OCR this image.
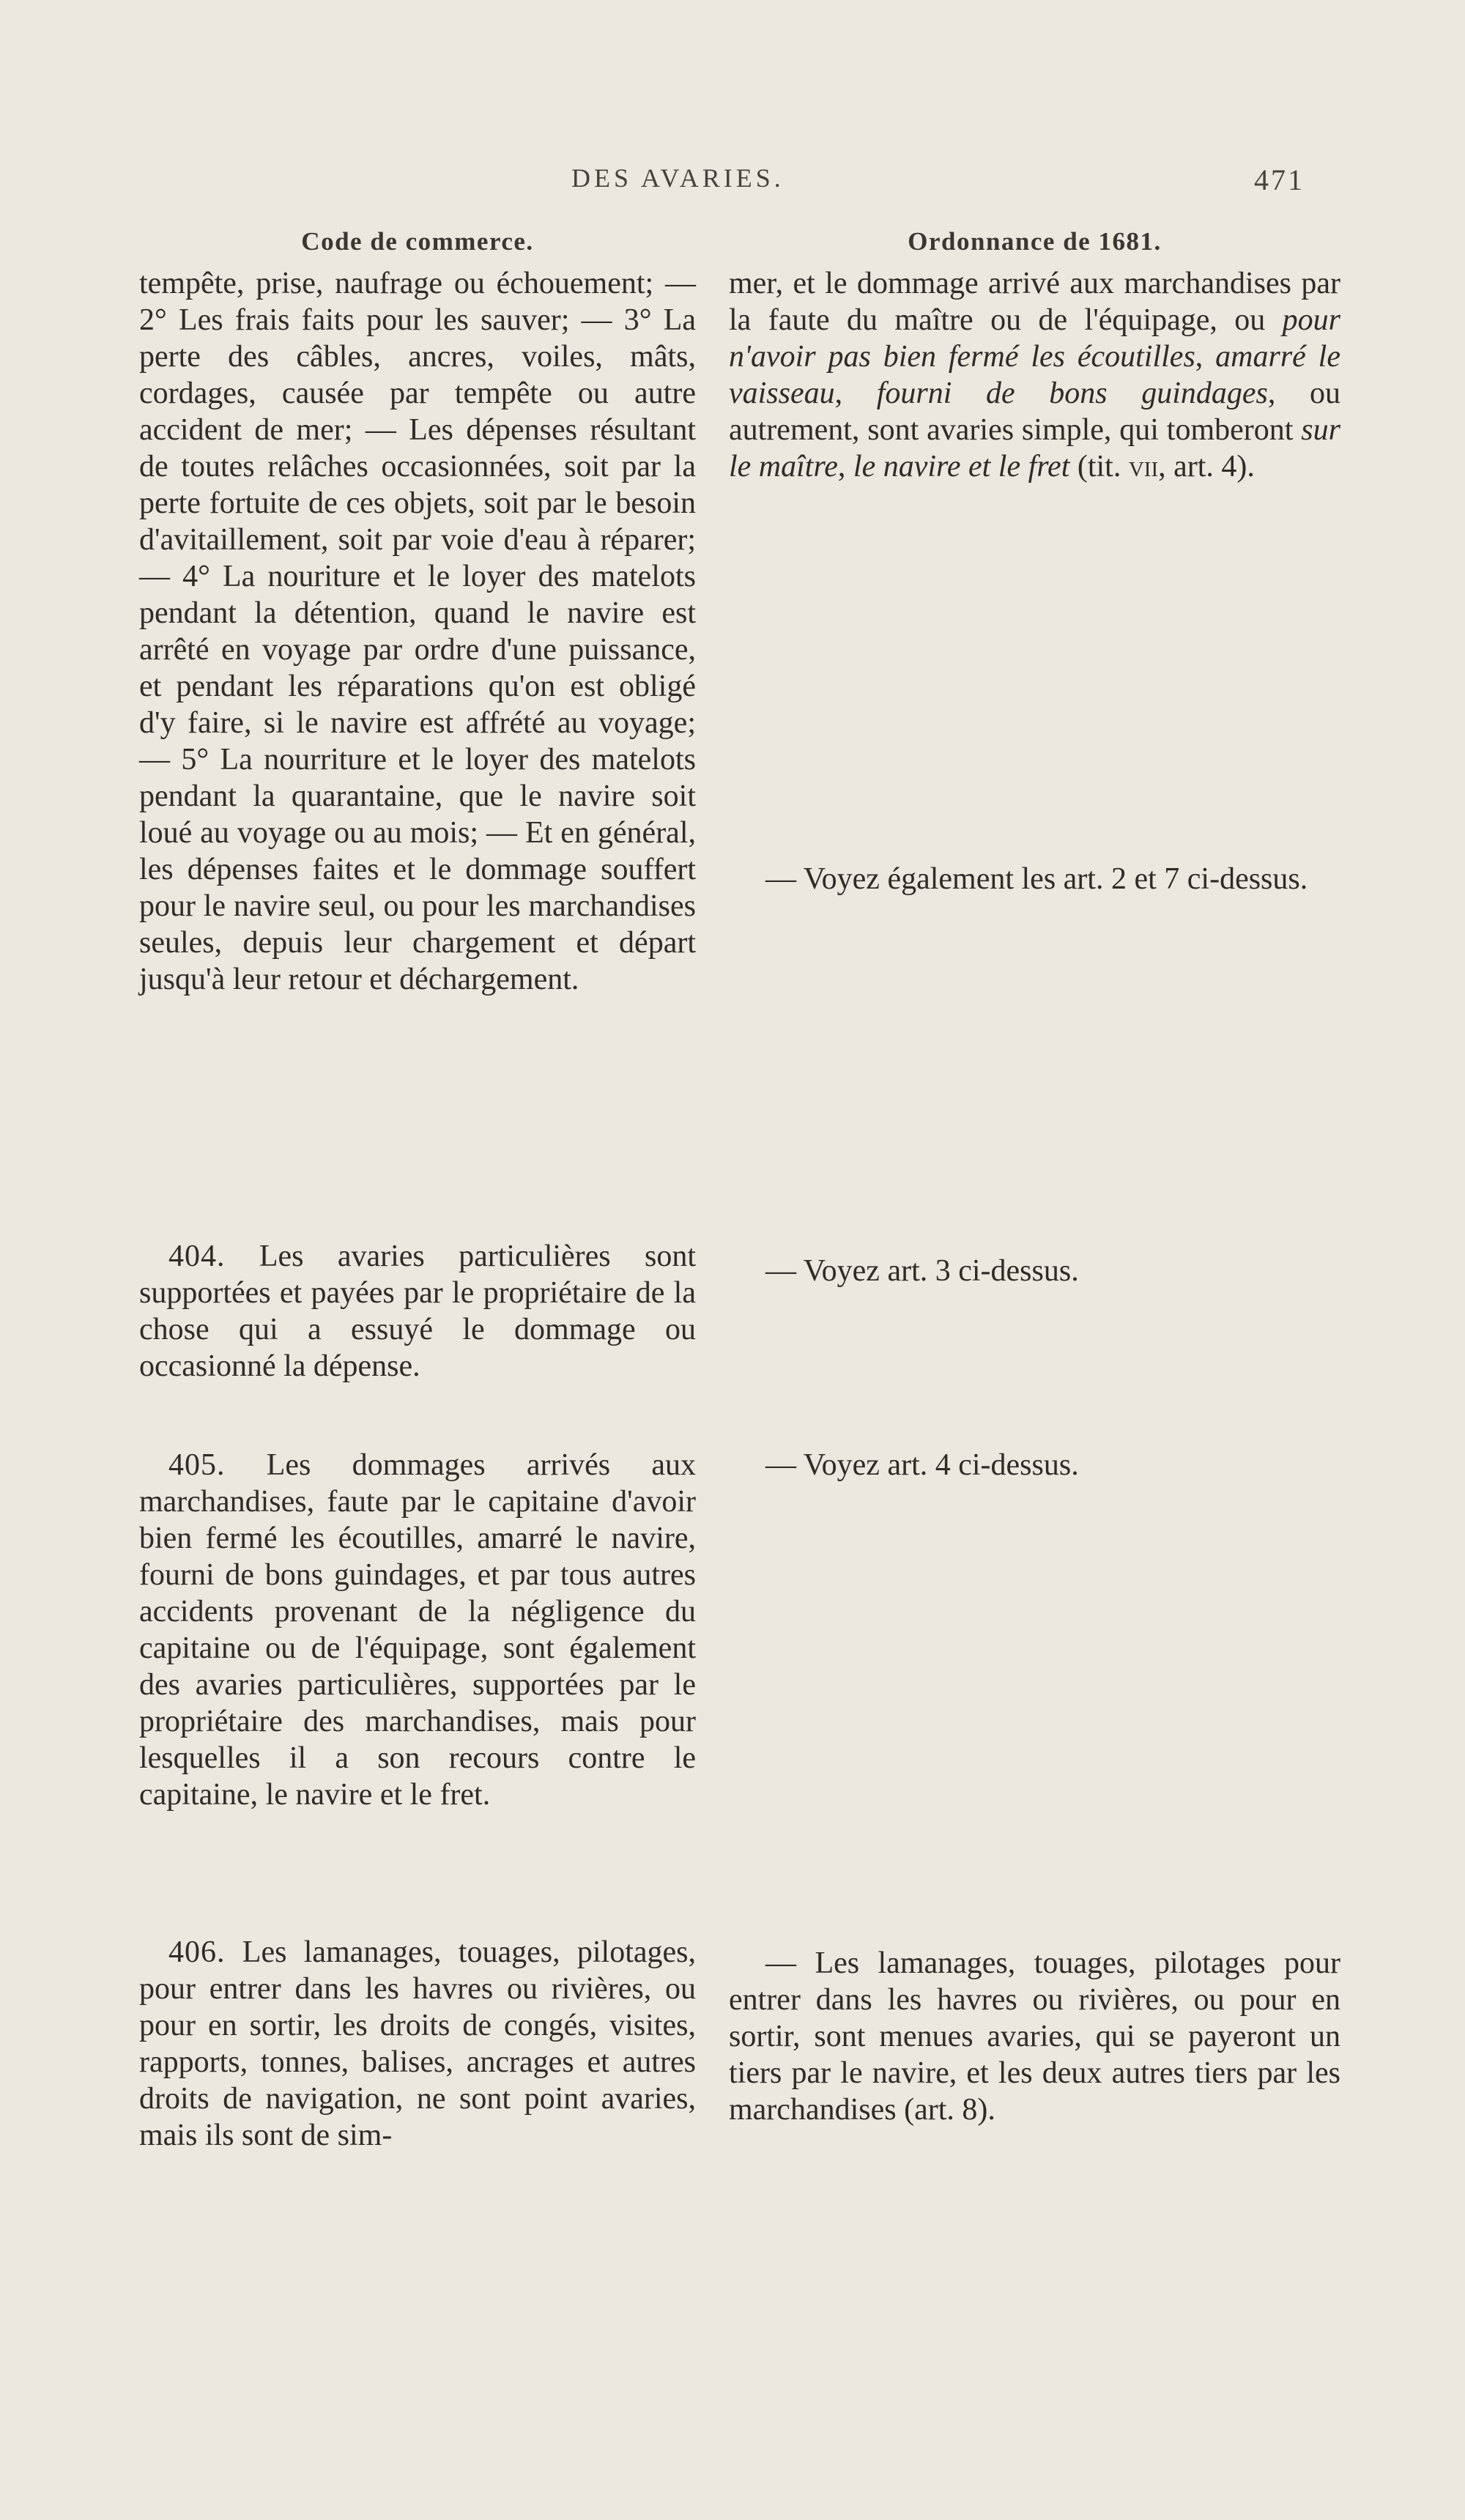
DES AVARIES.	471
Code de commerce.

tempête, prise, naufrage ou échouement; — 2° Les frais faits pour les sauver; — 3° La perte des câbles, ancres, voiles, mâts, cordages, causée par tempête ou autre accident de mer; — Les dépenses résultant de toutes relâches occasionnées, soit par la perte fortuite de ces objets, soit par le besoin d'avitaillement, soit par voie d'eau à réparer; — 4° La nouriture et le loyer des matelots pendant la détention, quand le navire est arrêté en voyage par ordre d'une puissance, et pendant les réparations qu'on est obligé d'y faire, si le navire est affrété au voyage; — 5° La nourriture et le loyer des matelots pendant la quarantaine, que le navire soit loué au voyage ou au mois; — Et en général, les dépenses faites et le dommage souffert pour le navire seul, ou pour les marchandises seules, depuis leur chargement et départ jusqu'à leur retour et déchargement.

404. Les avaries particulières sont supportées et payées par le propriétaire de la chose qui a essuyé le dommage ou occasionné la dépense.

405. Les dommages arrivés aux marchandises, faute par le capitaine d'avoir bien fermé les écoutilles, amarré le navire, fourni de bons guindages, et par tous autres accidents provenant de la négligence du capitaine ou de l'équipage, sont également des avaries particulières, supportées par le propriétaire des marchandises, mais pour lesquelles il a son recours contre le capitaine, le navire et le fret.

406. Les lamanages, touages, pilotages, pour entrer dans les havres ou rivières, ou pour en sortir, les droits de congés, visites, rapports, tonnes, balises, ancrages et autres droits de navigation, ne sont point avaries, mais ils sont de sim-

Ordonnance de 1681.

mer, et le dommage arrivé aux marchandises par la faute du maître ou de l'équipage, ou pour n'avoir pas bien fermé les écoutilles, amarré le vaisseau, fourni de bons guindages, ou autrement, sont avaries simple, qui tomberont sur le maître, le navire et le fret (tit. vii, art. 4).

— Voyez également les art. 2 et 7 ci-dessus.

— Voyez art. 3 ci-dessus.

— Voyez art. 4 ci-dessus.

— Les lamanages, touages, pilotages pour entrer dans les havres ou rivières, ou pour en sortir, sont menues avaries, qui se payeront un tiers par le navire, et les deux autres tiers par les marchandises (art. 8).
